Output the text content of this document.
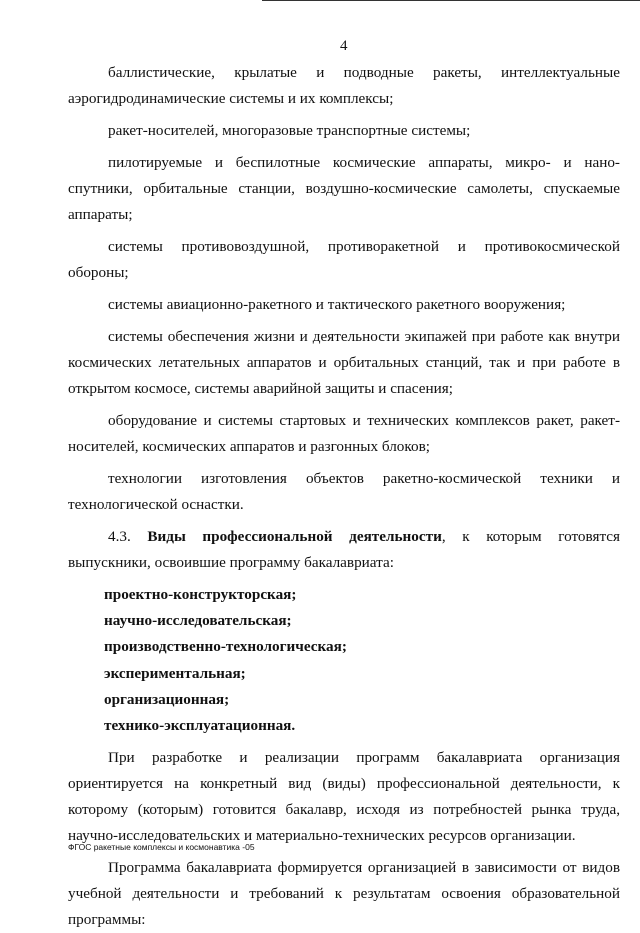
4

баллистические, крылатые и подводные ракеты, интеллектуальные аэрогидродинамические системы и их комплексы;

ракет-носителей, многоразовые транспортные системы;

пилотируемые и беспилотные космические аппараты, микро- и нано- спутники, орбитальные станции, воздушно-космические самолеты, спускаемые аппараты;

системы противовоздушной, противоракетной и противокосмической обороны;

системы авиационно-ракетного и тактического ракетного вооружения;

системы обеспечения жизни и деятельности экипажей при работе как внутри космических летательных аппаратов и орбитальных станций, так и при работе в открытом космосе, системы аварийной защиты и спасения;

оборудование и системы стартовых и технических комплексов ракет, ракет-носителей, космических аппаратов и разгонных блоков;

технологии изготовления объектов ракетно-космической техники и технологической оснастки.

4.3. Виды профессиональной деятельности, к которым готовятся выпускники, освоившие программу бакалавриата:

проектно-конструкторская;

научно-исследовательская;

производственно-технологическая;

экспериментальная;

организационная;

технико-эксплуатационная.

При разработке и реализации программ бакалавриата организация ориентируется на конкретный вид (виды) профессиональной деятельности, к которому (которым) готовится бакалавр, исходя из потребностей рынка труда, научно-исследовательских и материально-технических ресурсов организации.

Программа бакалавриата формируется организацией в зависимости от видов учебной деятельности и требований к результатам освоения образовательной программы:

ФГОС ракетные комплексы и космонавтика -05
